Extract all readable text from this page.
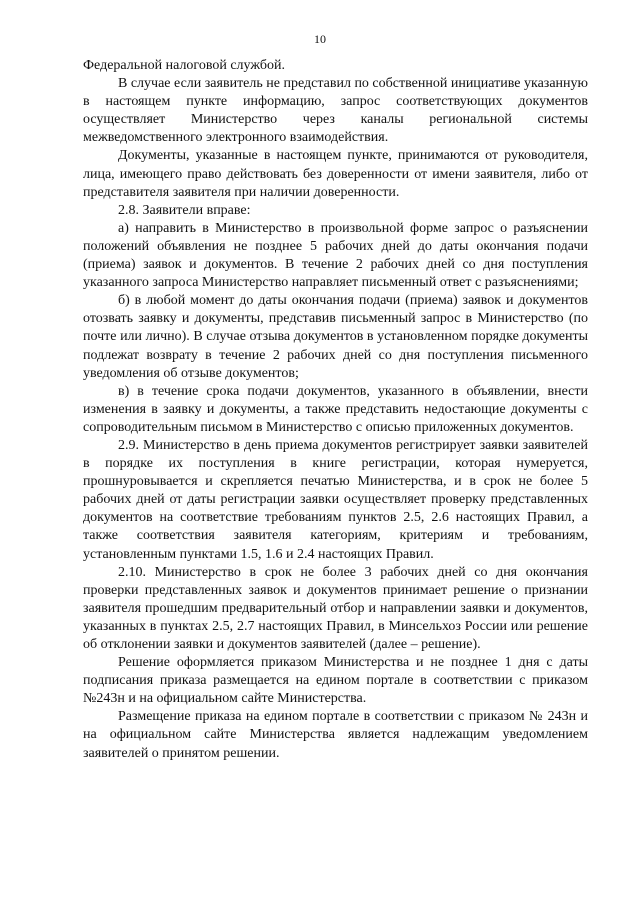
10

Федеральной налоговой службой.

В случае если заявитель не представил по собственной инициативе указанную в настоящем пункте информацию, запрос соответствующих документов осуществляет Министерство через каналы региональной системы межведомственного электронного взаимодействия.

Документы, указанные в настоящем пункте, принимаются от руководителя, лица, имеющего право действовать без доверенности от имени заявителя, либо от представителя заявителя при наличии доверенности.

2.8. Заявители вправе:

а) направить в Министерство в произвольной форме запрос о разъяснении положений объявления не позднее 5 рабочих дней до даты окончания подачи (приема) заявок и документов. В течение 2 рабочих дней со дня поступления указанного запроса Министерство направляет письменный ответ с разъяснениями;

б) в любой момент до даты окончания подачи (приема) заявок и документов отозвать заявку и документы, представив письменный запрос в Министерство (по почте или лично). В случае отзыва документов в установленном порядке документы подлежат возврату в течение 2 рабочих дней со дня поступления письменного уведомления об отзыве документов;

в) в течение срока подачи документов, указанного в объявлении, внести изменения в заявку и документы, а также представить недостающие документы с сопроводительным письмом в Министерство с описью приложенных документов.

2.9. Министерство в день приема документов регистрирует заявки заявителей в порядке их поступления в книге регистрации, которая нумеруется, прошнуровывается и скрепляется печатью Министерства, и в срок не более 5 рабочих дней от даты регистрации заявки осуществляет проверку представленных документов на соответствие требованиям пунктов 2.5, 2.6 настоящих Правил, а также соответствия заявителя категориям, критериям и требованиям, установленным пунктами 1.5, 1.6 и 2.4 настоящих Правил.

2.10. Министерство в срок не более 3 рабочих дней со дня окончания проверки представленных заявок и документов принимает решение о признании заявителя прошедшим предварительный отбор и направлении заявки и документов, указанных в пунктах 2.5, 2.7 настоящих Правил, в Минсельхоз России или решение об отклонении заявки и документов заявителей (далее – решение).

Решение оформляется приказом Министерства и не позднее 1 дня с даты подписания приказа размещается на едином портале в соответствии с приказом №243н и на официальном сайте Министерства.

Размещение приказа на едином портале в соответствии с приказом № 243н и на официальном сайте Министерства является надлежащим уведомлением заявителей о принятом решении.
